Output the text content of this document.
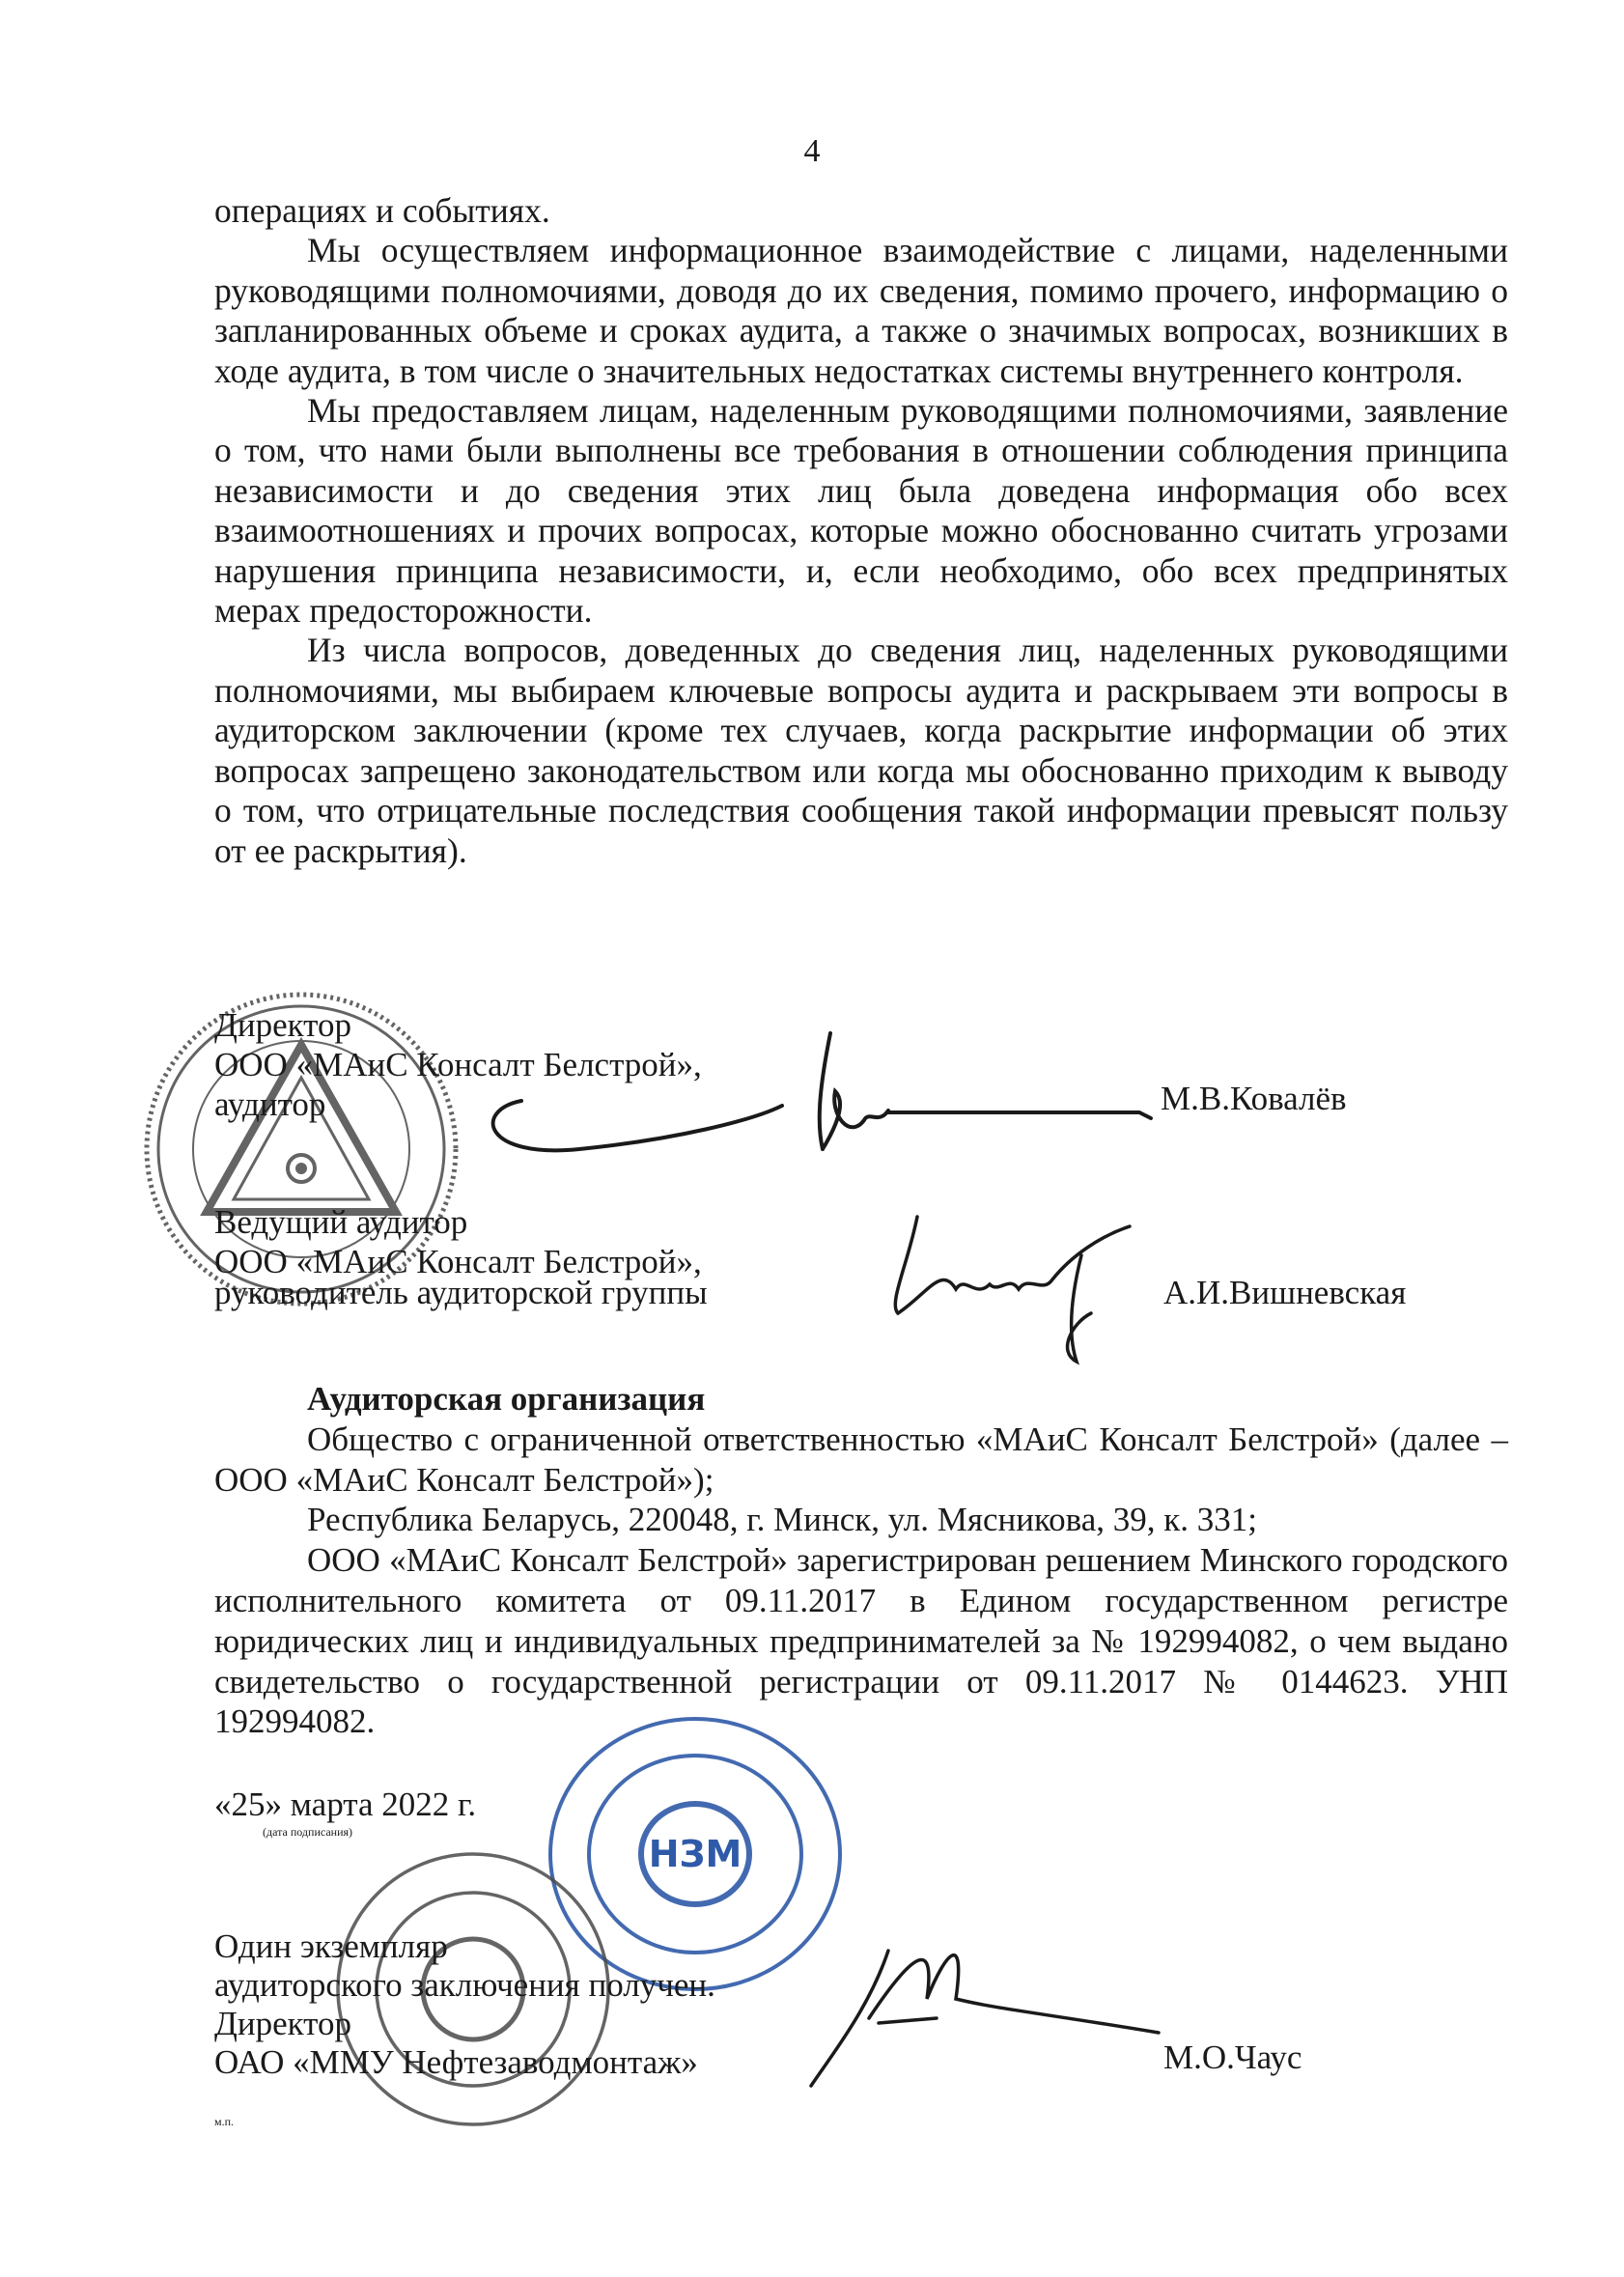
4

операциях и событиях.

Мы осуществляем информационное взаимодействие с лицами, наделенными руководящими полномочиями, доводя до их сведения, помимо прочего, информацию о запланированных объеме и сроках аудита, а также о значимых вопросах, возникших в ходе аудита, в том числе о значительных недостатках системы внутреннего контроля.

Мы предоставляем лицам, наделенным руководящими полномочиями, заявление о том, что нами были выполнены все требования в отношении соблюдения принципа независимости и до сведения этих лиц была доведена информация обо всех взаимоотношениях и прочих вопросах, которые можно обоснованно считать угрозами нарушения принципа независимости, и, если необходимо, обо всех предпринятых мерах предосторожности.

Из числа вопросов, доведенных до сведения лиц, наделенных руководящими полномочиями, мы выбираем ключевые вопросы аудита и раскрываем эти вопросы в аудиторском заключении (кроме тех случаев, когда раскрытие информации об этих вопросах запрещено законодательством или когда мы обоснованно приходим к выводу о том, что отрицательные последствия сообщения такой информации превысят пользу от ее раскрытия).

Директор
ООО «МАиС Консалт Белстрой»,
аудитор	М.В.Ковалёв
Ведущий аудитор
ООО «МАиС Консалт Белстрой»,
руководитель аудиторской группы	А.И.Вишневская

Аудиторская организация

Общество с ограниченной ответственностью «МАиС Консалт Белстрой» (далее – ООО «МАиС Консалт Белстрой»);

Республика Беларусь, 220048, г. Минск, ул. Мясникова, 39, к. 331;

ООО «МАиС Консалт Белстрой» зарегистрирован решением Минского городского исполнительного комитета от 09.11.2017 в Едином государственном регистре юридических лиц и индивидуальных предпринимателей за № 192994082, о чем выдано свидетельство о государственной регистрации от 09.11.2017 № 0144623. УНП 192994082.

«25» марта 2022 г.
(дата подписания)
НЗМ
Один экземпляр
аудиторского заключения получен.
Директор
ОАО «ММУ Нефтезаводмонтаж»	М.О.Чаус
м.п.
